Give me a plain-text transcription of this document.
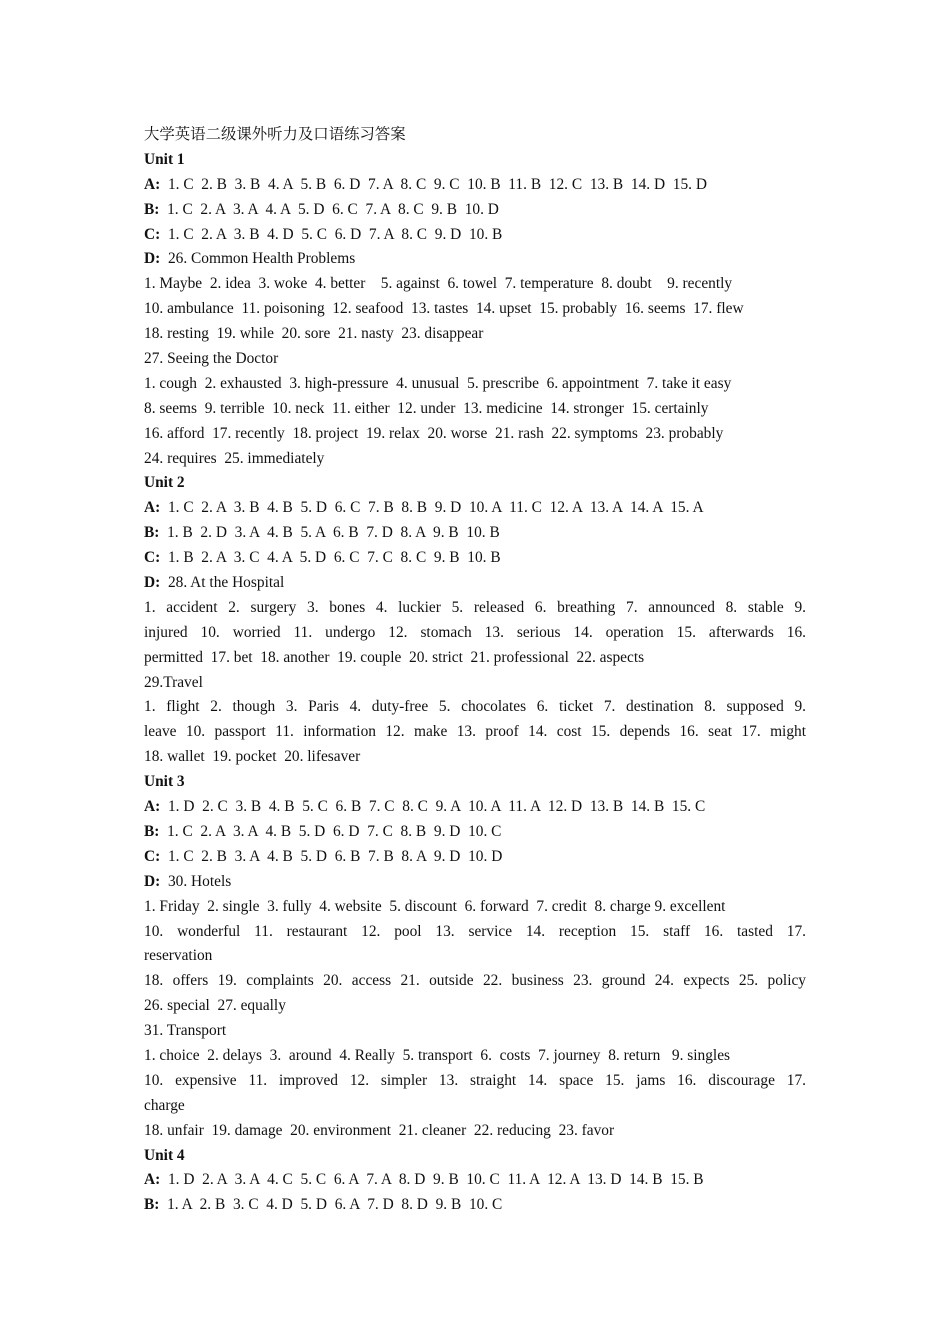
大学英语二级课外听力及口语练习答案
Unit 1
A:  1. C  2. B  3. B  4. A  5. B  6. D  7. A  8. C  9. C  10. B  11. B  12. C  13. B  14. D  15. D
B:  1. C  2. A  3. A  4. A  5. D  6. C  7. A  8. C  9. B  10. D
C:  1. C  2. A  3. B  4. D  5. C  6. D  7. A  8. C  9. D  10. B
D:  26. Common Health Problems
1. Maybe  2. idea  3. woke  4. better    5. against  6. towel  7. temperature  8. doubt    9. recently
10. ambulance  11. poisoning  12. seafood  13. tastes  14. upset  15. probably  16. seems  17. flew
18. resting  19. while  20. sore  21. nasty  23. disappear
27. Seeing the Doctor
1. cough  2. exhausted  3. high-pressure  4. unusual  5. prescribe  6. appointment  7. take it easy
8. seems  9. terrible  10. neck  11. either  12. under  13. medicine  14. stronger  15. certainly
16. afford  17. recently  18. project  19. relax  20. worse  21. rash  22. symptoms  23. probably
24. requires  25. immediately
Unit 2
A:  1. C  2. A  3. B  4. B  5. D  6. C  7. B  8. B  9. D  10. A  11. C  12. A  13. A  14. A  15. A
B:  1. B  2. D  3. A  4. B  5. A  6. B  7. D  8. A  9. B  10. B
C:  1. B  2. A  3. C  4. A  5. D  6. C  7. C  8. C  9. B  10. B
D:  28. At the Hospital
1. accident 2. surgery 3. bones 4. luckier 5. released 6. breathing 7. announced 8. stable 9.
injured 10. worried 11. undergo 12. stomach 13. serious 14. operation 15. afterwards 16.
permitted  17. bet  18. another  19. couple  20. strict  21. professional  22. aspects
29.Travel
1. flight 2. though 3. Paris 4. duty-free 5. chocolates 6. ticket 7. destination 8. supposed 9.
leave 10. passport 11. information 12. make 13. proof 14. cost 15. depends 16. seat 17. might
18. wallet  19. pocket  20. lifesaver
Unit 3
A:  1. D  2. C  3. B  4. B  5. C  6. B  7. C  8. C  9. A  10. A  11. A  12. D  13. B  14. B  15. C
B:  1. C  2. A  3. A  4. B  5. D  6. D  7. C  8. B  9. D  10. C
C:  1. C  2. B  3. A  4. B  5. D  6. B  7. B  8. A  9. D  10. D
D:  30. Hotels
1. Friday  2. single  3. fully  4. website  5. discount  6. forward  7. credit  8. charge 9. excellent
10. wonderful 11. restaurant 12. pool 13. service 14. reception 15. staff 16. tasted 17.
reservation
18. offers 19. complaints 20. access 21. outside 22. business 23. ground 24. expects 25. policy
26. special  27. equally
31. Transport
1. choice  2. delays  3.  around  4. Really  5. transport  6.  costs  7. journey  8. return   9. singles
10. expensive 11. improved 12. simpler 13. straight 14. space 15. jams 16. discourage 17.
charge
18. unfair  19. damage  20. environment  21. cleaner  22. reducing  23. favor
Unit 4
A:  1. D  2. A  3. A  4. C  5. C  6. A  7. A  8. D  9. B  10. C  11. A  12. A  13. D  14. B  15. B
B:  1. A  2. B  3. C  4. D  5. D  6. A  7. D  8. D  9. B  10. C
